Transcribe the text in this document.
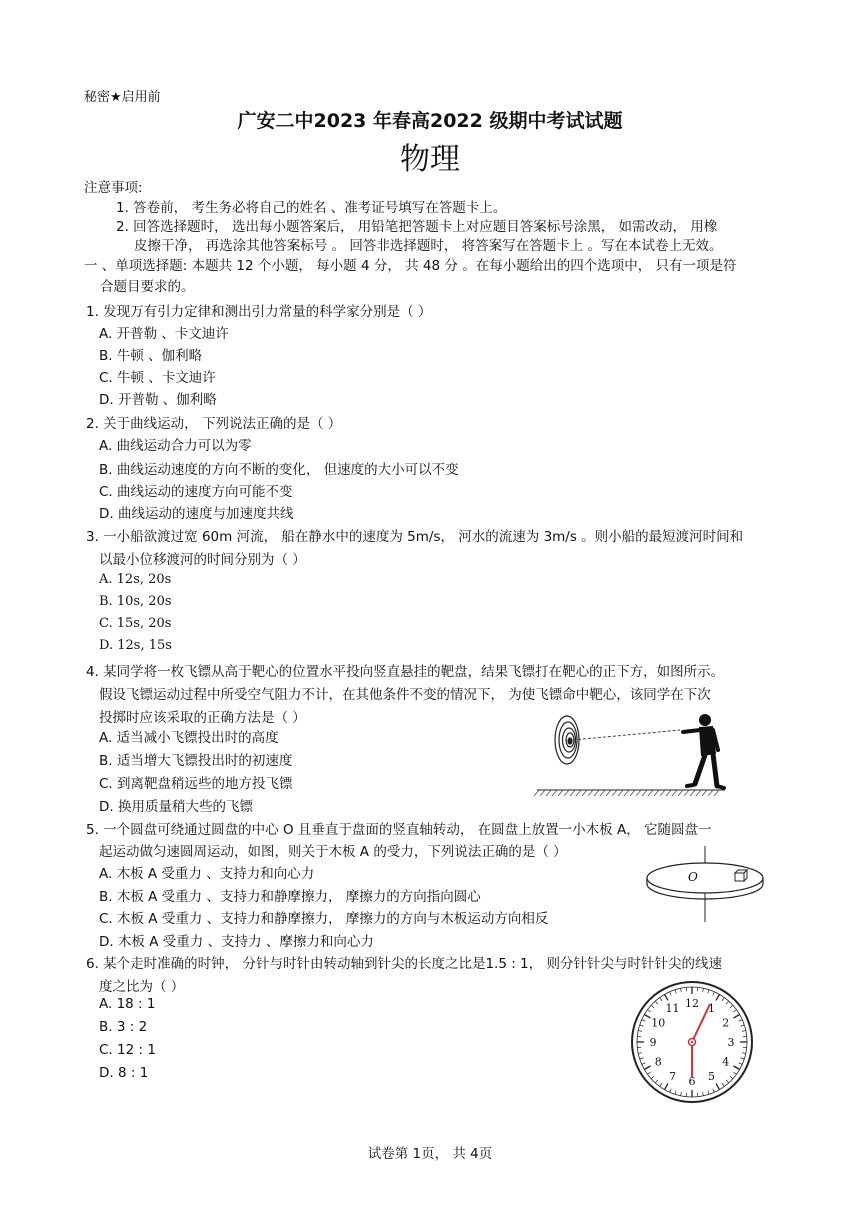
秘密★启用前
广安二中2023 年春高2022 级期中考试试题
物理
注意事项:
1. 答卷前， 考生务必将自己的姓名 、准考证号填写在答题卡上。
2. 回答选择题时， 选出每小题答案后， 用铅笔把答题卡上对应题目答案标号涂黑， 如需改动， 用橡
皮擦干净， 再选涂其他答案标号 。 回答非选择题时， 将答案写在答题卡上 。写在本试卷上无效。
一 、单项选择题: 本题共 12 个小题， 每小题 4 分， 共 48 分 。在每小题给出的四个选项中， 只有一项是符
合题目要求的。
1. 发现万有引力定律和测出引力常量的科学家分别是（ ）
A. 开普勒 、卡文迪许
B. 牛顿 、伽利略
C. 牛顿 、卡文迪许
D. 开普勒 、伽利略
2. 关于曲线运动， 下列说法正确的是（ ）
A. 曲线运动合力可以为零
B. 曲线运动速度的方向不断的变化， 但速度的大小可以不变
C. 曲线运动的速度方向可能不变
D. 曲线运动的速度与加速度共线
3. 一小船欲渡过宽 60m 河流， 船在静水中的速度为 5m/s， 河水的流速为 3m/s 。则小船的最短渡河时间和
以最小位移渡河的时间分别为（ ）
A. 12s, 20s
B. 10s, 20s
C. 15s, 20s
D. 12s, 15s
4. 某同学将一枚飞镖从高于靶心的位置水平投向竖直悬挂的靶盘，结果飞镖打在靶心的正下方，如图所示。
假设飞镖运动过程中所受空气阻力不计，在其他条件不变的情况下， 为使飞镖命中靶心，该同学在下次
投掷时应该采取的正确方法是（ ）
A. 适当减小飞镖投出时的高度
B. 适当增大飞镖投出时的初速度
C. 到离靶盘稍远些的地方投飞镖
D. 换用质量稍大些的飞镖
5. 一个圆盘可绕通过圆盘的中心 O 且垂直于盘面的竖直轴转动， 在圆盘上放置一小木板 A， 它随圆盘一
起运动做匀速圆周运动，如图，则关于木板 A 的受力，下列说法正确的是（ ）
A. 木板 A 受重力 、支持力和向心力
B. 木板 A 受重力 、支持力和静摩擦力， 摩擦力的方向指向圆心
C. 木板 A 受重力 、支持力和静摩擦力， 摩擦力的方向与木板运动方向相反
D. 木板 A 受重力 、支持力 、摩擦力和向心力
O
6. 某个走时准确的时钟， 分针与时针由转动轴到针尖的长度之比是1.5 : 1， 则分针针尖与时针针尖的线速
度之比为（ ）
A. 18 : 1
B. 3 : 2
C. 12 : 1
D. 8 : 1
12 1
2
3
4
5
6
7
8
9
10
11
试卷第 1页， 共 4页
